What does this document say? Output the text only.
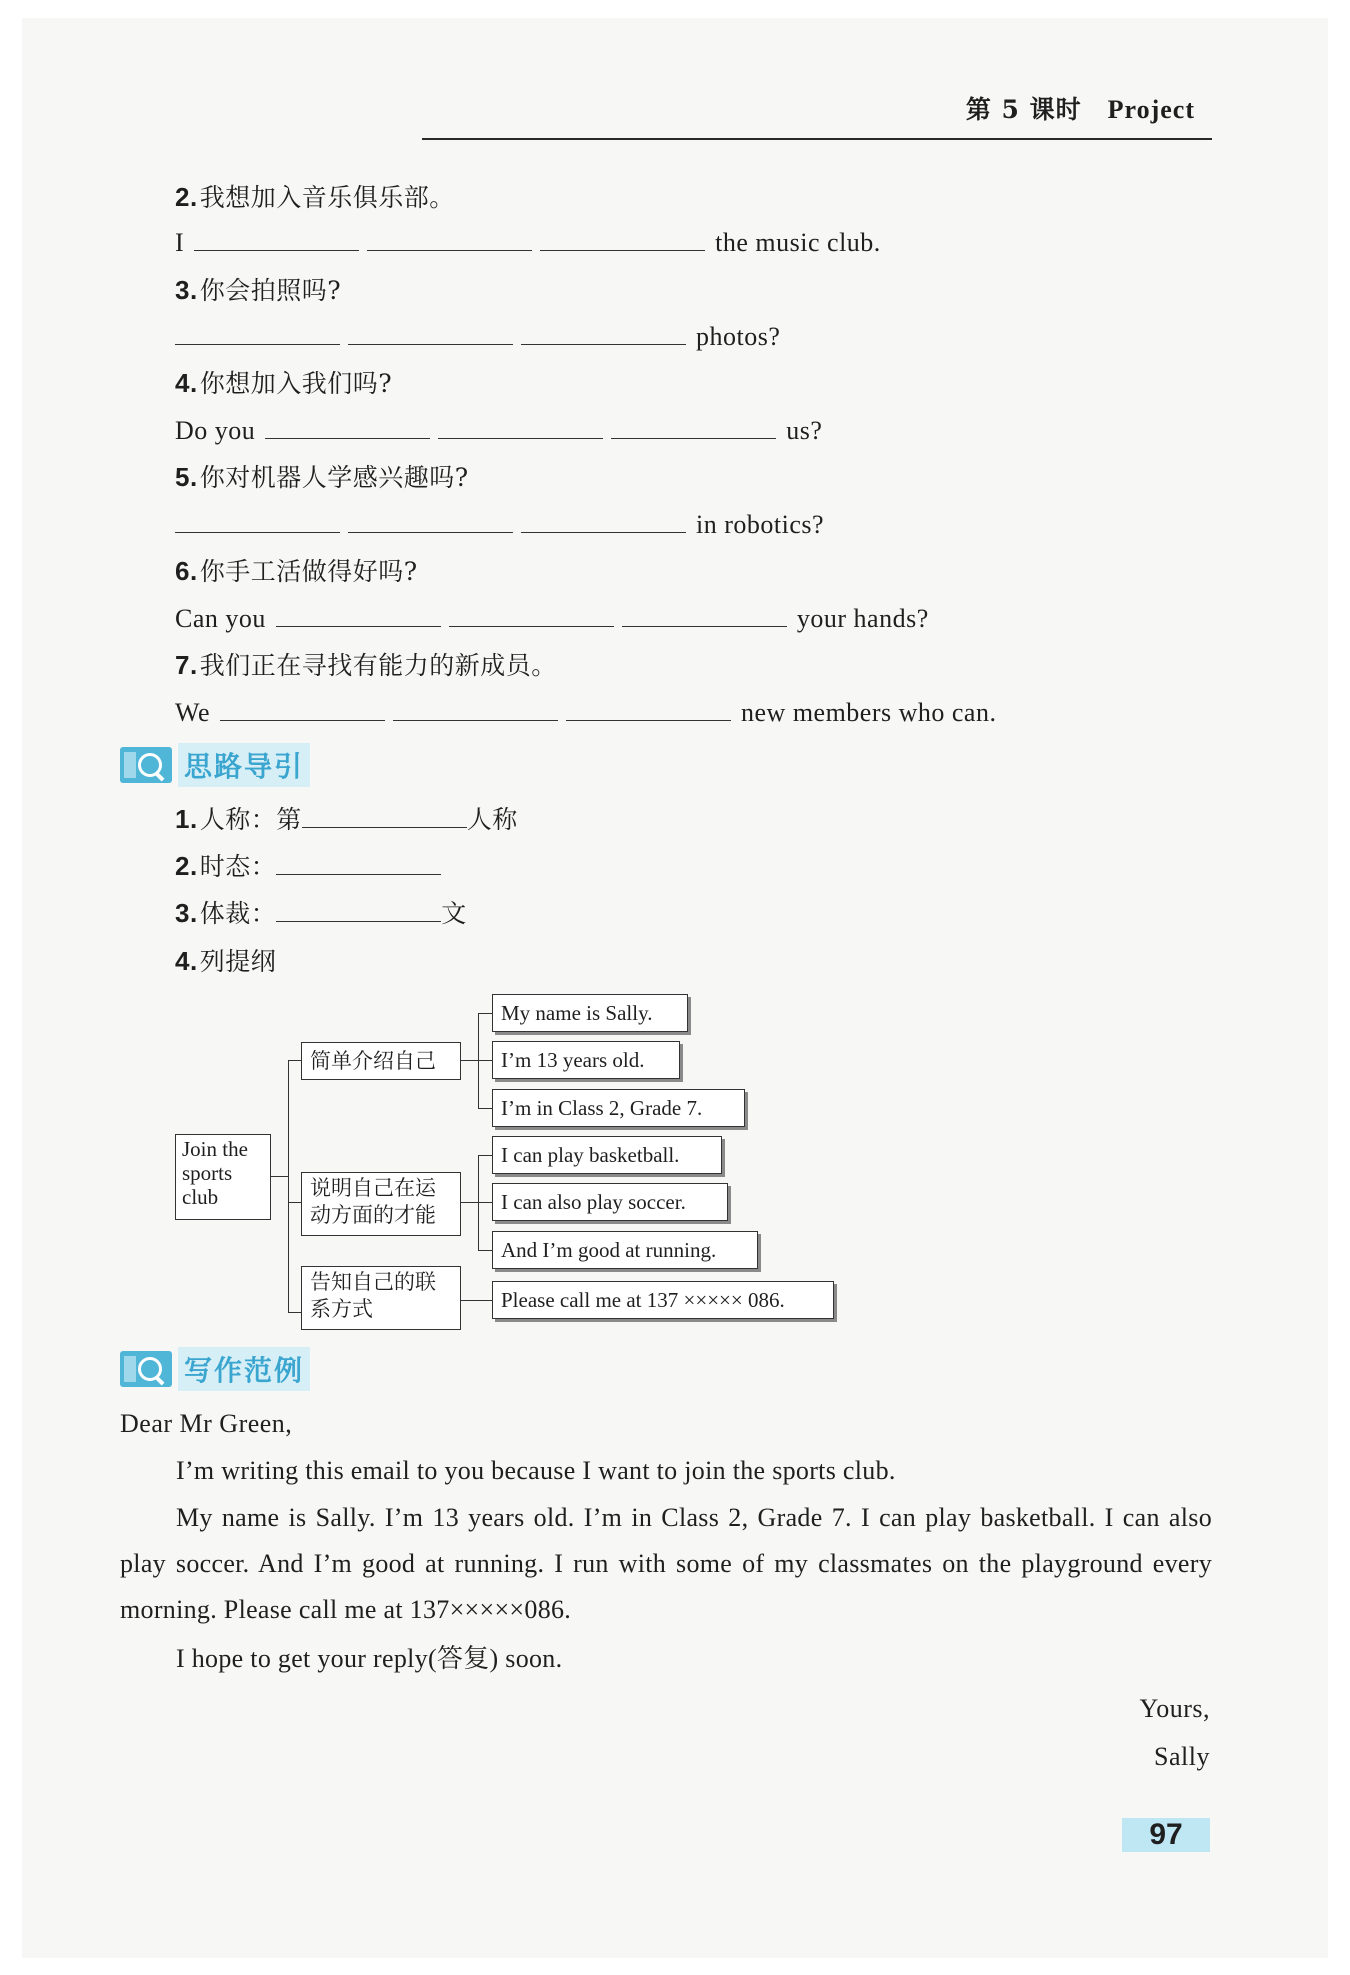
第 5 课时 Project
2.我想加入音乐俱乐部。
I	the music club.
3.你会拍照吗?
photos?
4.你想加入我们吗?
Do you	us?
5.你对机器人学感兴趣吗?
in robotics?
6.你手工活做得好吗?
Can you	your hands?
7.我们正在寻找有能力的新成员。
We	new members who can.
思路导引
1.人称：第	人称
2.时态：
3.体裁：	文
4.列提纲
Join the sports club
简单介绍自己
说明自己在运动方面的才能
告知自己的联系方式
My name is Sally.
I’m 13 years old.
I’m in Class 2, Grade 7.
I can play basketball.
I can also play soccer.
And I’m good at running.
Please call me at 137 ××××× 086.
写作范例
Dear Mr Green,
I’m writing this email to you because I want to join the sports club.
My name is Sally. I’m 13 years old. I’m in Class 2, Grade 7. I can play basketball. I can also play soccer. And I’m good at running. I run with some of my classmates on the playground every morning. Please call me at 137×××××086.
I hope to get your reply(答复) soon.
Yours,
Sally
97
